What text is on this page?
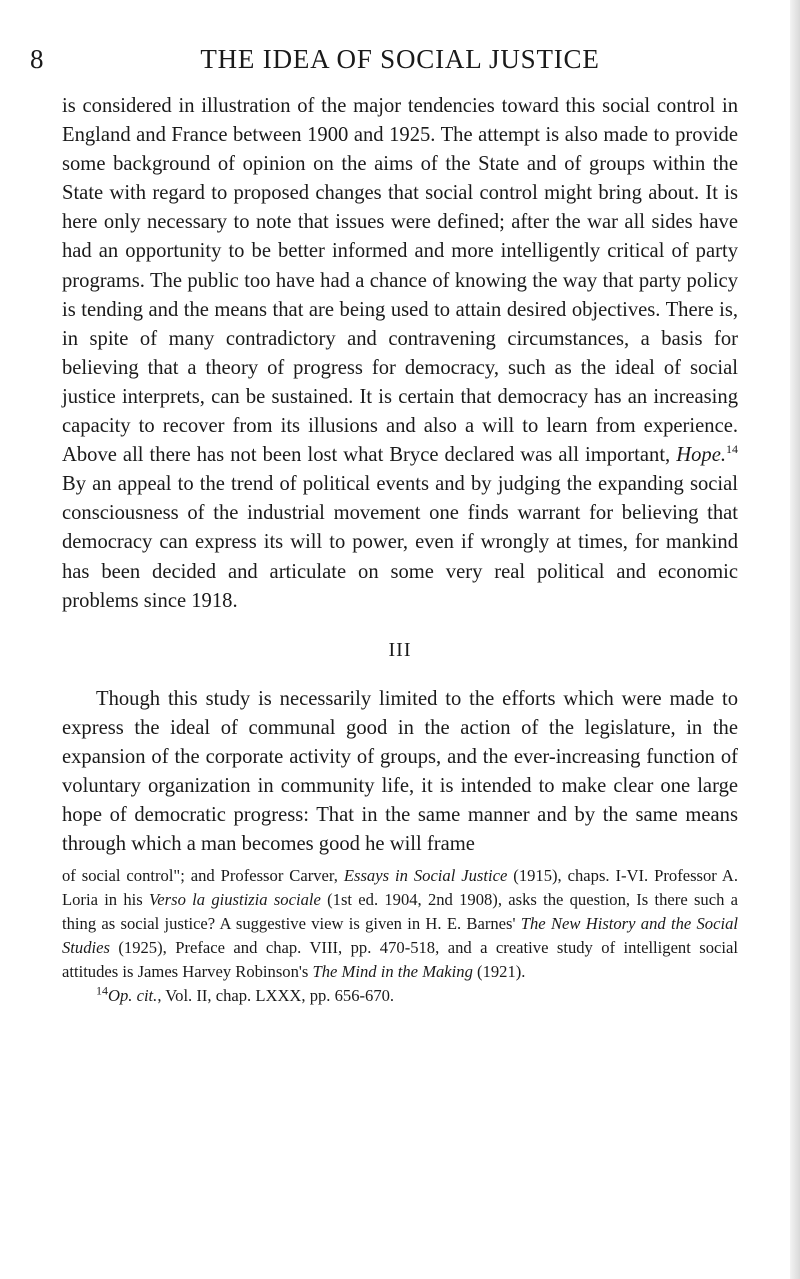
8	THE IDEA OF SOCIAL JUSTICE

is considered in illustration of the major tendencies toward this social control in England and France between 1900 and 1925. The attempt is also made to provide some background of opinion on the aims of the State and of groups within the State with regard to proposed changes that social control might bring about. It is here only necessary to note that issues were defined; after the war all sides have had an opportunity to be better informed and more intelligently critical of party programs. The public too have had a chance of knowing the way that party policy is tending and the means that are being used to attain desired objectives. There is, in spite of many contradictory and contravening circumstances, a basis for believing that a theory of progress for democracy, such as the ideal of social justice interprets, can be sustained. It is certain that democracy has an increasing capacity to recover from its illusions and also a will to learn from experience. Above all there has not been lost what Bryce declared was all important, Hope.$^{14}$ By an appeal to the trend of political events and by judging the expanding social consciousness of the industrial movement one finds warrant for believing that democracy can express its will to power, even if wrongly at times, for mankind has been decided and articulate on some very real political and economic problems since 1918.

III

Though this study is necessarily limited to the efforts which were made to express the ideal of communal good in the action of the legislature, in the expansion of the corporate activity of groups, and the ever-increasing function of voluntary organization in community life, it is intended to make clear one large hope of democratic progress: That in the same manner and by the same means through which a man becomes good he will frame

of social control"; and Professor Carver, Essays in Social Justice (1915), chaps. I-VI. Professor A. Loria in his Verso la giustizia sociale (1st ed. 1904, 2nd 1908), asks the question, Is there such a thing as social justice? A suggestive view is given in H. E. Barnes' The New History and the Social Studies (1925), Preface and chap. VIII, pp. 470-518, and a creative study of intelligent social attitudes is James Harvey Robinson's The Mind in the Making (1921).

$^{14}$Op. cit., Vol. II, chap. LXXX, pp. 656-670.
